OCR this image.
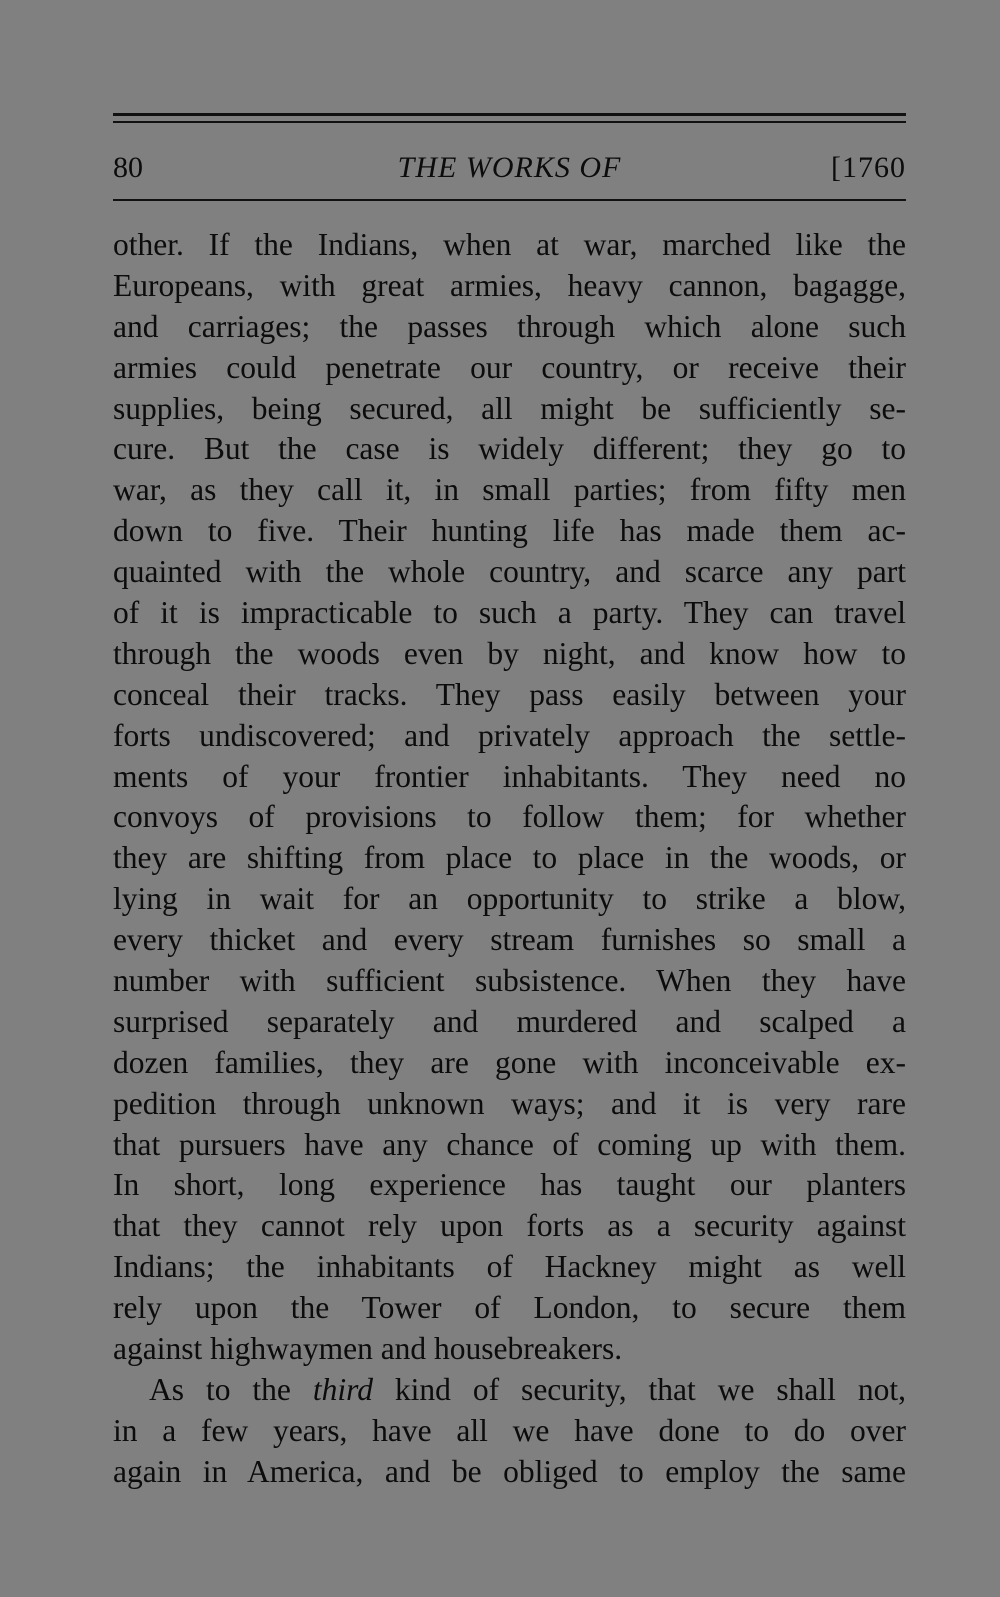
80	THE WORKS OF	[1760
other. If the Indians, when at war, marched like the
Europeans, with great armies, heavy cannon, bagagge,
and carriages; the passes through which alone such
armies could penetrate our country, or receive their
supplies, being secured, all might be sufficiently se-
cure. But the case is widely different; they go to
war, as they call it, in small parties; from fifty men
down to five. Their hunting life has made them ac-
quainted with the whole country, and scarce any part
of it is impracticable to such a party. They can travel
through the woods even by night, and know how to
conceal their tracks. They pass easily between your
forts undiscovered; and privately approach the settle-
ments of your frontier inhabitants. They need no
convoys of provisions to follow them; for whether
they are shifting from place to place in the woods, or
lying in wait for an opportunity to strike a blow,
every thicket and every stream furnishes so small a
number with sufficient subsistence. When they have
surprised separately and murdered and scalped a
dozen families, they are gone with inconceivable ex-
pedition through unknown ways; and it is very rare
that pursuers have any chance of coming up with them.
In short, long experience has taught our planters
that they cannot rely upon forts as a security against
Indians; the inhabitants of Hackney might as well
rely upon the Tower of London, to secure them
against highwaymen and housebreakers.
As to the third kind of security, that we shall not,
in a few years, have all we have done to do over
again in America, and be obliged to employ the same
